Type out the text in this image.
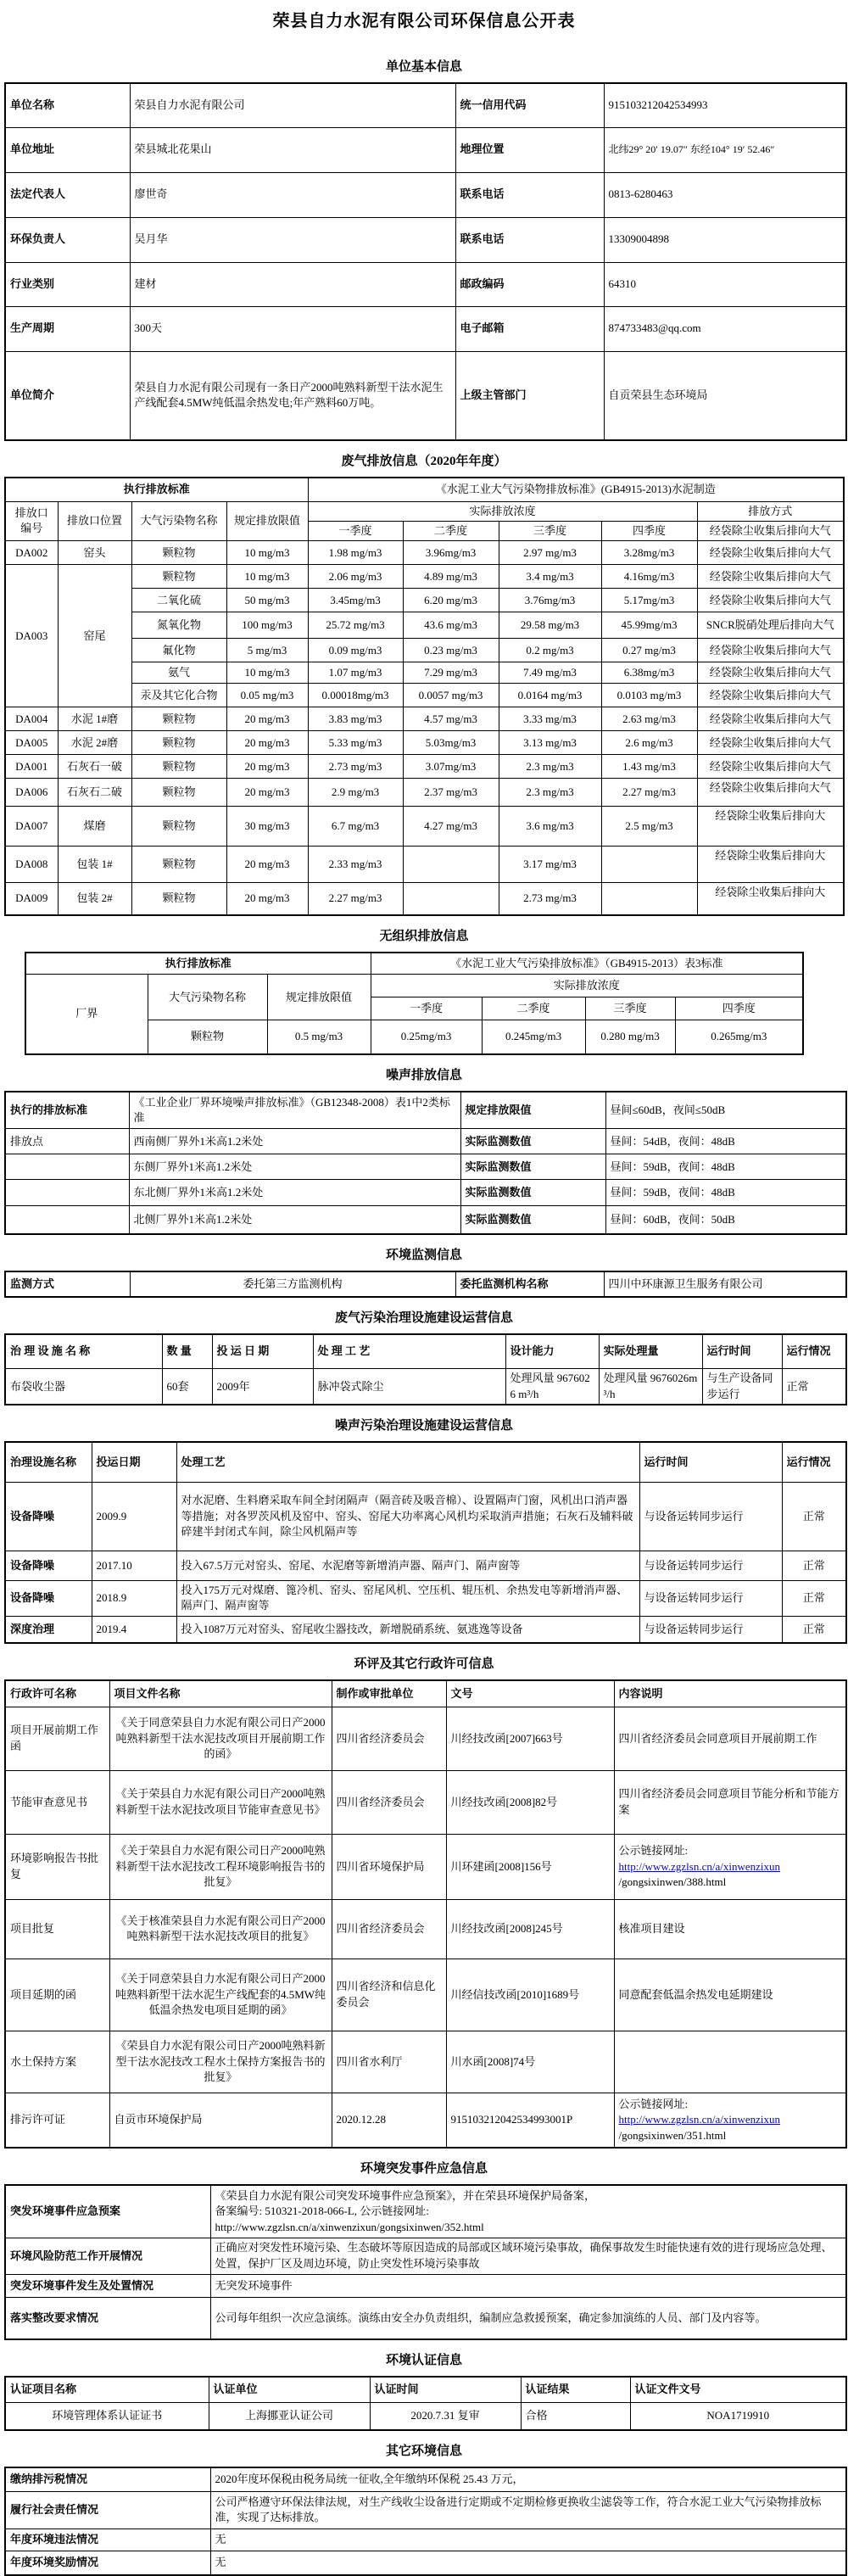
荣县自力水泥有限公司环保信息公开表
单位基本信息
单位名称	荣县自力水泥有限公司	统一信用代码	915103212042534993
单位地址	荣县城北花果山	地理位置	北纬29° 20′ 19.07″ 东经104° 19′ 52.46″
法定代表人	廖世奇	联系电话	0813-6280463
环保负责人	吴月华	联系电话	13309004898
行业类别	建材	邮政编码	64310
生产周期	300天	电子邮箱	874733483@qq.com
单位简介	荣县自力水泥有限公司现有一条日产2000吨熟料新型干法水泥生产线配套4.5MW纯低温余热发电;年产熟料60万吨。	上级主管部门	自贡荣县生态环境局
废气排放信息（2020年年度）
执行排放标准				《水泥工业大气污染物排放标准》(GB4915-2013)水泥制造				
排放口编号	排放口位置	大气污染物名称	规定排放限值	实际排放浓度				排放方式
				一季度	二季度	三季度	四季度	经袋除尘收集后排向大气
DA002	窑头	颗粒物	10 mg/m3	1.98 mg/m3	3.96mg/m3	2.97 mg/m3	3.28mg/m3	经袋除尘收集后排向大气
DA003	窑尾	颗粒物	10 mg/m3	2.06 mg/m3	4.89 mg/m3	3.4 mg/m3	4.16mg/m3	经袋除尘收集后排向大气
		二氧化硫	50 mg/m3	3.45mg/m3	6.20 mg/m3	3.76mg/m3	5.17mg/m3	经袋除尘收集后排向大气
		氮氧化物	100 mg/m3	25.72 mg/m3	43.6 mg/m3	29.58 mg/m3	45.99mg/m3	SNCR脱硝处理后排向大气
		氟化物	5 mg/m3	0.09 mg/m3	0.23 mg/m3	0.2 mg/m3	0.27 mg/m3	经袋除尘收集后排向大气
		氨气	10 mg/m3	1.07 mg/m3	7.29 mg/m3	7.49 mg/m3	6.38mg/m3	经袋除尘收集后排向大气
		汞及其它化合物	0.05 mg/m3	0.00018mg/m3	0.0057 mg/m3	0.0164 mg/m3	0.0103 mg/m3	经袋除尘收集后排向大气
DA004	水泥 1#磨	颗粒物	20 mg/m3	3.83 mg/m3	4.57 mg/m3	3.33 mg/m3	2.63 mg/m3	经袋除尘收集后排向大气
DA005	水泥 2#磨	颗粒物	20 mg/m3	5.33 mg/m3	5.03mg/m3	3.13 mg/m3	2.6 mg/m3	经袋除尘收集后排向大气
DA001	石灰石一破	颗粒物	20 mg/m3	2.73 mg/m3	3.07mg/m3	2.3 mg/m3	1.43 mg/m3	经袋除尘收集后排向大气
DA006	石灰石二破	颗粒物	20 mg/m3	2.9 mg/m3	2.37 mg/m3	2.3 mg/m3	2.27 mg/m3	经袋除尘收集后排向大气
DA007	煤磨	颗粒物	30 mg/m3	6.7 mg/m3	4.27 mg/m3	3.6 mg/m3	2.5 mg/m3	经袋除尘收集后排向大
DA008	包装 1#	颗粒物	20 mg/m3	2.33 mg/m3		3.17 mg/m3		经袋除尘收集后排向大
DA009	包装 2#	颗粒物	20 mg/m3	2.27 mg/m3		2.73 mg/m3		经袋除尘收集后排向大
无组织排放信息
执行排放标准			《水泥工业大气污染排放标准》（GB4915-2013）表3标准			
厂界	大气污染物名称	规定排放限值	实际排放浓度			
			一季度	二季度	三季度	四季度
	颗粒物	0.5 mg/m3	0.25mg/m3	0.245mg/m3	0.280 mg/m3	0.265mg/m3
噪声排放信息
执行的排放标准	《工业企业厂界环境噪声排放标准》（GB12348-2008）表1中2类标准	规定排放限值	昼间≤60dB，夜间≤50dB
排放点	西南侧厂界外1米高1.2米处	实际监测数值	昼间：54dB，夜间：48dB
	东侧厂界外1米高1.2米处	实际监测数值	昼间：59dB，夜间：48dB
	东北侧厂界外1米高1.2米处	实际监测数值	昼间：59dB，夜间：48dB
	北侧厂界外1米高1.2米处	实际监测数值	昼间：60dB，夜间：50dB
环境监测信息
监测方式	委托第三方监测机构	委托监测机构名称	四川中环康源卫生服务有限公司
废气污染治理设施建设运营信息
治 理 设 施 名 称	数 量	投 运 日 期	处 理 工 艺	设计能力	实际处理量	运行时间	运行情况
布袋收尘器	60套	2009年	脉冲袋式除尘	处理风量 9676026 m³/h	处理风量 9676026m³/h	与生产设备同步运行	正常
噪声污染治理设施建设运营信息
治理设施名称	投运日期	处理工艺	运行时间	运行情况
设备降噪	2009.9	对水泥磨、生料磨采取车间全封闭隔声（隔音砖及吸音棉）、设置隔声门窗，风机出口消声器等措施；对各罗茨风机及窑中、窑头、窑尾大功率离心风机均采取消声措施；石灰石及辅料破碎建半封闭式车间，除尘风机隔声等	与设备运转同步运行	正常
设备降噪	2017.10	投入67.5万元对窑头、窑尾、水泥磨等新增消声器、隔声门、隔声窗等	与设备运转同步运行	正常
设备降噪	2018.9	投入175万元对煤磨、篦冷机、窑头、窑尾风机、空压机、辊压机、余热发电等新增消声器、隔声门、隔声窗等	与设备运转同步运行	正常
深度治理	2019.4	投入1087万元对窑头、窑尾收尘器技改，新增脱硝系统、氨逃逸等设备	与设备运转同步运行	正常
环评及其它行政许可信息
行政许可名称	项目文件名称	制作或审批单位	文号	内容说明
项目开展前期工作函	《关于同意荣县自力水泥有限公司日产2000吨熟料新型干法水泥技改项目开展前期工作的函》	四川省经济委员会	川经技改函[2007]663号	四川省经济委员会同意项目开展前期工作
节能审查意见书	《关于荣县自力水泥有限公司日产2000吨熟料新型干法水泥技改项目节能审查意见书》	四川省经济委员会	川经技改函[2008]82号	四川省经济委员会同意项目节能分析和节能方案
环境影响报告书批复	《关于荣县自力水泥有限公司日产2000吨熟料新型干法水泥技改工程环境影响报告书的批复》	四川省环境保护局	川环建函[2008]156号	公示链接网址:
http://www.zgzlsn.cn/a/xinwenzixun
/gongsixinwen/388.html
项目批复	《关于核准荣县自力水泥有限公司日产2000吨熟料新型干法水泥技改项目的批复》	四川省经济委员会	川经技改函[2008]245号	核准项目建设
项目延期的函	《关于同意荣县自力水泥有限公司日产2000吨熟料新型干法水泥生产线配套的4.5MW纯低温余热发电项目延期的函》	四川省经济和信息化委员会	川经信技改函[2010]1689号	同意配套低温余热发电延期建设
水土保持方案	《荣县自力水泥有限公司日产2000吨熟料新型干法水泥技改工程水土保持方案报告书的批复》	四川省水利厅	川水函[2008]74号	
排污许可证	自贡市环境保护局	2020.12.28	915103212042534993001P	公示链接网址:
http://www.zgzlsn.cn/a/xinwenzixun
/gongsixinwen/351.html
环境突发事件应急信息
突发环境事件应急预案	《荣县自力水泥有限公司突发环境事件应急预案》，并在荣县环境保护局备案，
备案编号: 510321-2018-066-L, 公示链接网址:
http://www.zgzlsn.cn/a/xinwenzixun/gongsixinwen/352.html
环境风险防范工作开展情况	正确应对突发性环境污染、生态破坏等原因造成的局部或区域环境污染事故，确保事故发生时能快速有效的进行现场应急处理、处置，保护厂区及周边环境，防止突发性环境污染事故
突发环境事件发生及处置情况	无突发环境事件
落实整改要求情况	公司每年组织一次应急演练。演练由安全办负责组织，编制应急救援预案，确定参加演练的人员、部门及内容等。
环境认证信息
认证项目名称	认证单位	认证时间	认证结果	认证文件文号
环境管理体系认证证书	上海挪亚认证公司	2020.7.31 复审	合格	NOA1719910
其它环境信息
缴纳排污税情况	2020年度环保税由税务局统一征收,全年缴纳环保税 25.43 万元，
履行社会责任情况	公司严格遵守环保法律法规，对生产线收尘设备进行定期或不定期检修更换收尘滤袋等工作，符合水泥工业大气污染物排放标准，实现了达标排放。
年度环境违法情况	无
年度环境奖励情况	无
